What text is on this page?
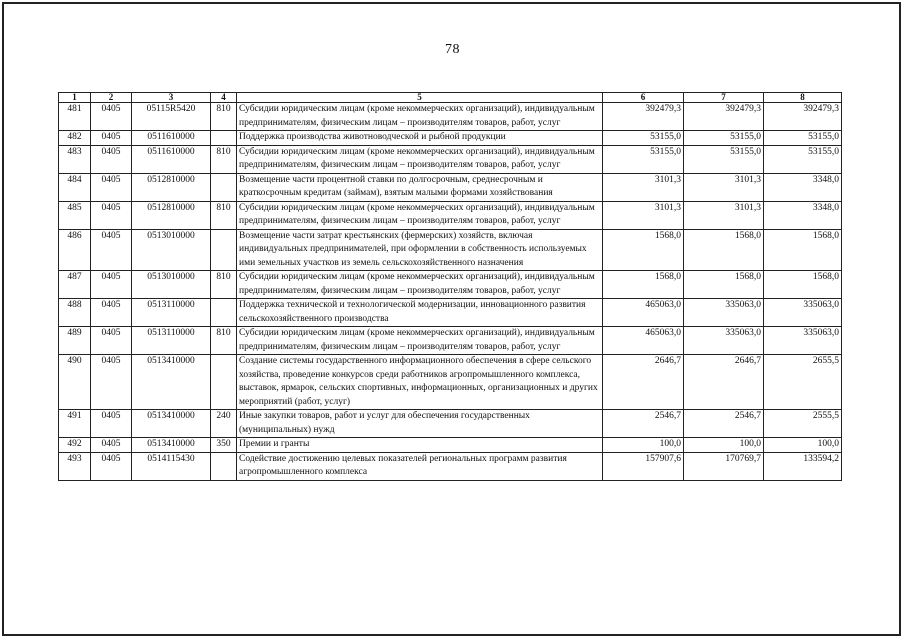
78
1	2	3	4	5	6	7	8
481	0405	05115R5420	810	Субсидии юридическим лицам (кроме некоммерческих организаций), индивидуальным предпринимателям, физическим лицам – производителям товаров, работ, услуг	392479,3	392479,3	392479,3
482	0405	0511610000		Поддержка производства животноводческой и рыбной продукции	53155,0	53155,0	53155,0
483	0405	0511610000	810	Субсидии юридическим лицам (кроме некоммерческих организаций), индивидуальным предпринимателям, физическим лицам – производителям товаров, работ, услуг	53155,0	53155,0	53155,0
484	0405	0512810000		Возмещение части процентной ставки по долгосрочным, среднесрочным и краткосрочным кредитам (займам), взятым малыми формами хозяйствования	3101,3	3101,3	3348,0
485	0405	0512810000	810	Субсидии юридическим лицам (кроме некоммерческих организаций), индивидуальным предпринимателям, физическим лицам – производителям товаров, работ, услуг	3101,3	3101,3	3348,0
486	0405	0513010000		Возмещение части затрат крестьянских (фермерских) хозяйств, включая индивидуальных предпринимателей, при оформлении в собственность используемых ими земельных участков из земель сельскохозяйственного назначения	1568,0	1568,0	1568,0
487	0405	0513010000	810	Субсидии юридическим лицам (кроме некоммерческих организаций), индивидуальным предпринимателям, физическим лицам – производителям товаров, работ, услуг	1568,0	1568,0	1568,0
488	0405	0513110000		Поддержка технической и технологической модернизации, инновационного развития сельскохозяйственного производства	465063,0	335063,0	335063,0
489	0405	0513110000	810	Субсидии юридическим лицам (кроме некоммерческих организаций), индивидуальным предпринимателям, физическим лицам – производителям товаров, работ, услуг	465063,0	335063,0	335063,0
490	0405	0513410000		Создание системы государственного информационного обеспечения в сфере сельского хозяйства, проведение конкурсов среди работников агропромышленного комплекса, выставок, ярмарок, сельских спортивных, информационных, организационных и других мероприятий (работ, услуг)	2646,7	2646,7	2655,5
491	0405	0513410000	240	Иные закупки товаров, работ и услуг для обеспечения государственных (муниципальных) нужд	2546,7	2546,7	2555,5
492	0405	0513410000	350	Премии и гранты	100,0	100,0	100,0
493	0405	0514115430		Содействие достижению целевых показателей региональных программ развития агропромышленного комплекса	157907,6	170769,7	133594,2
